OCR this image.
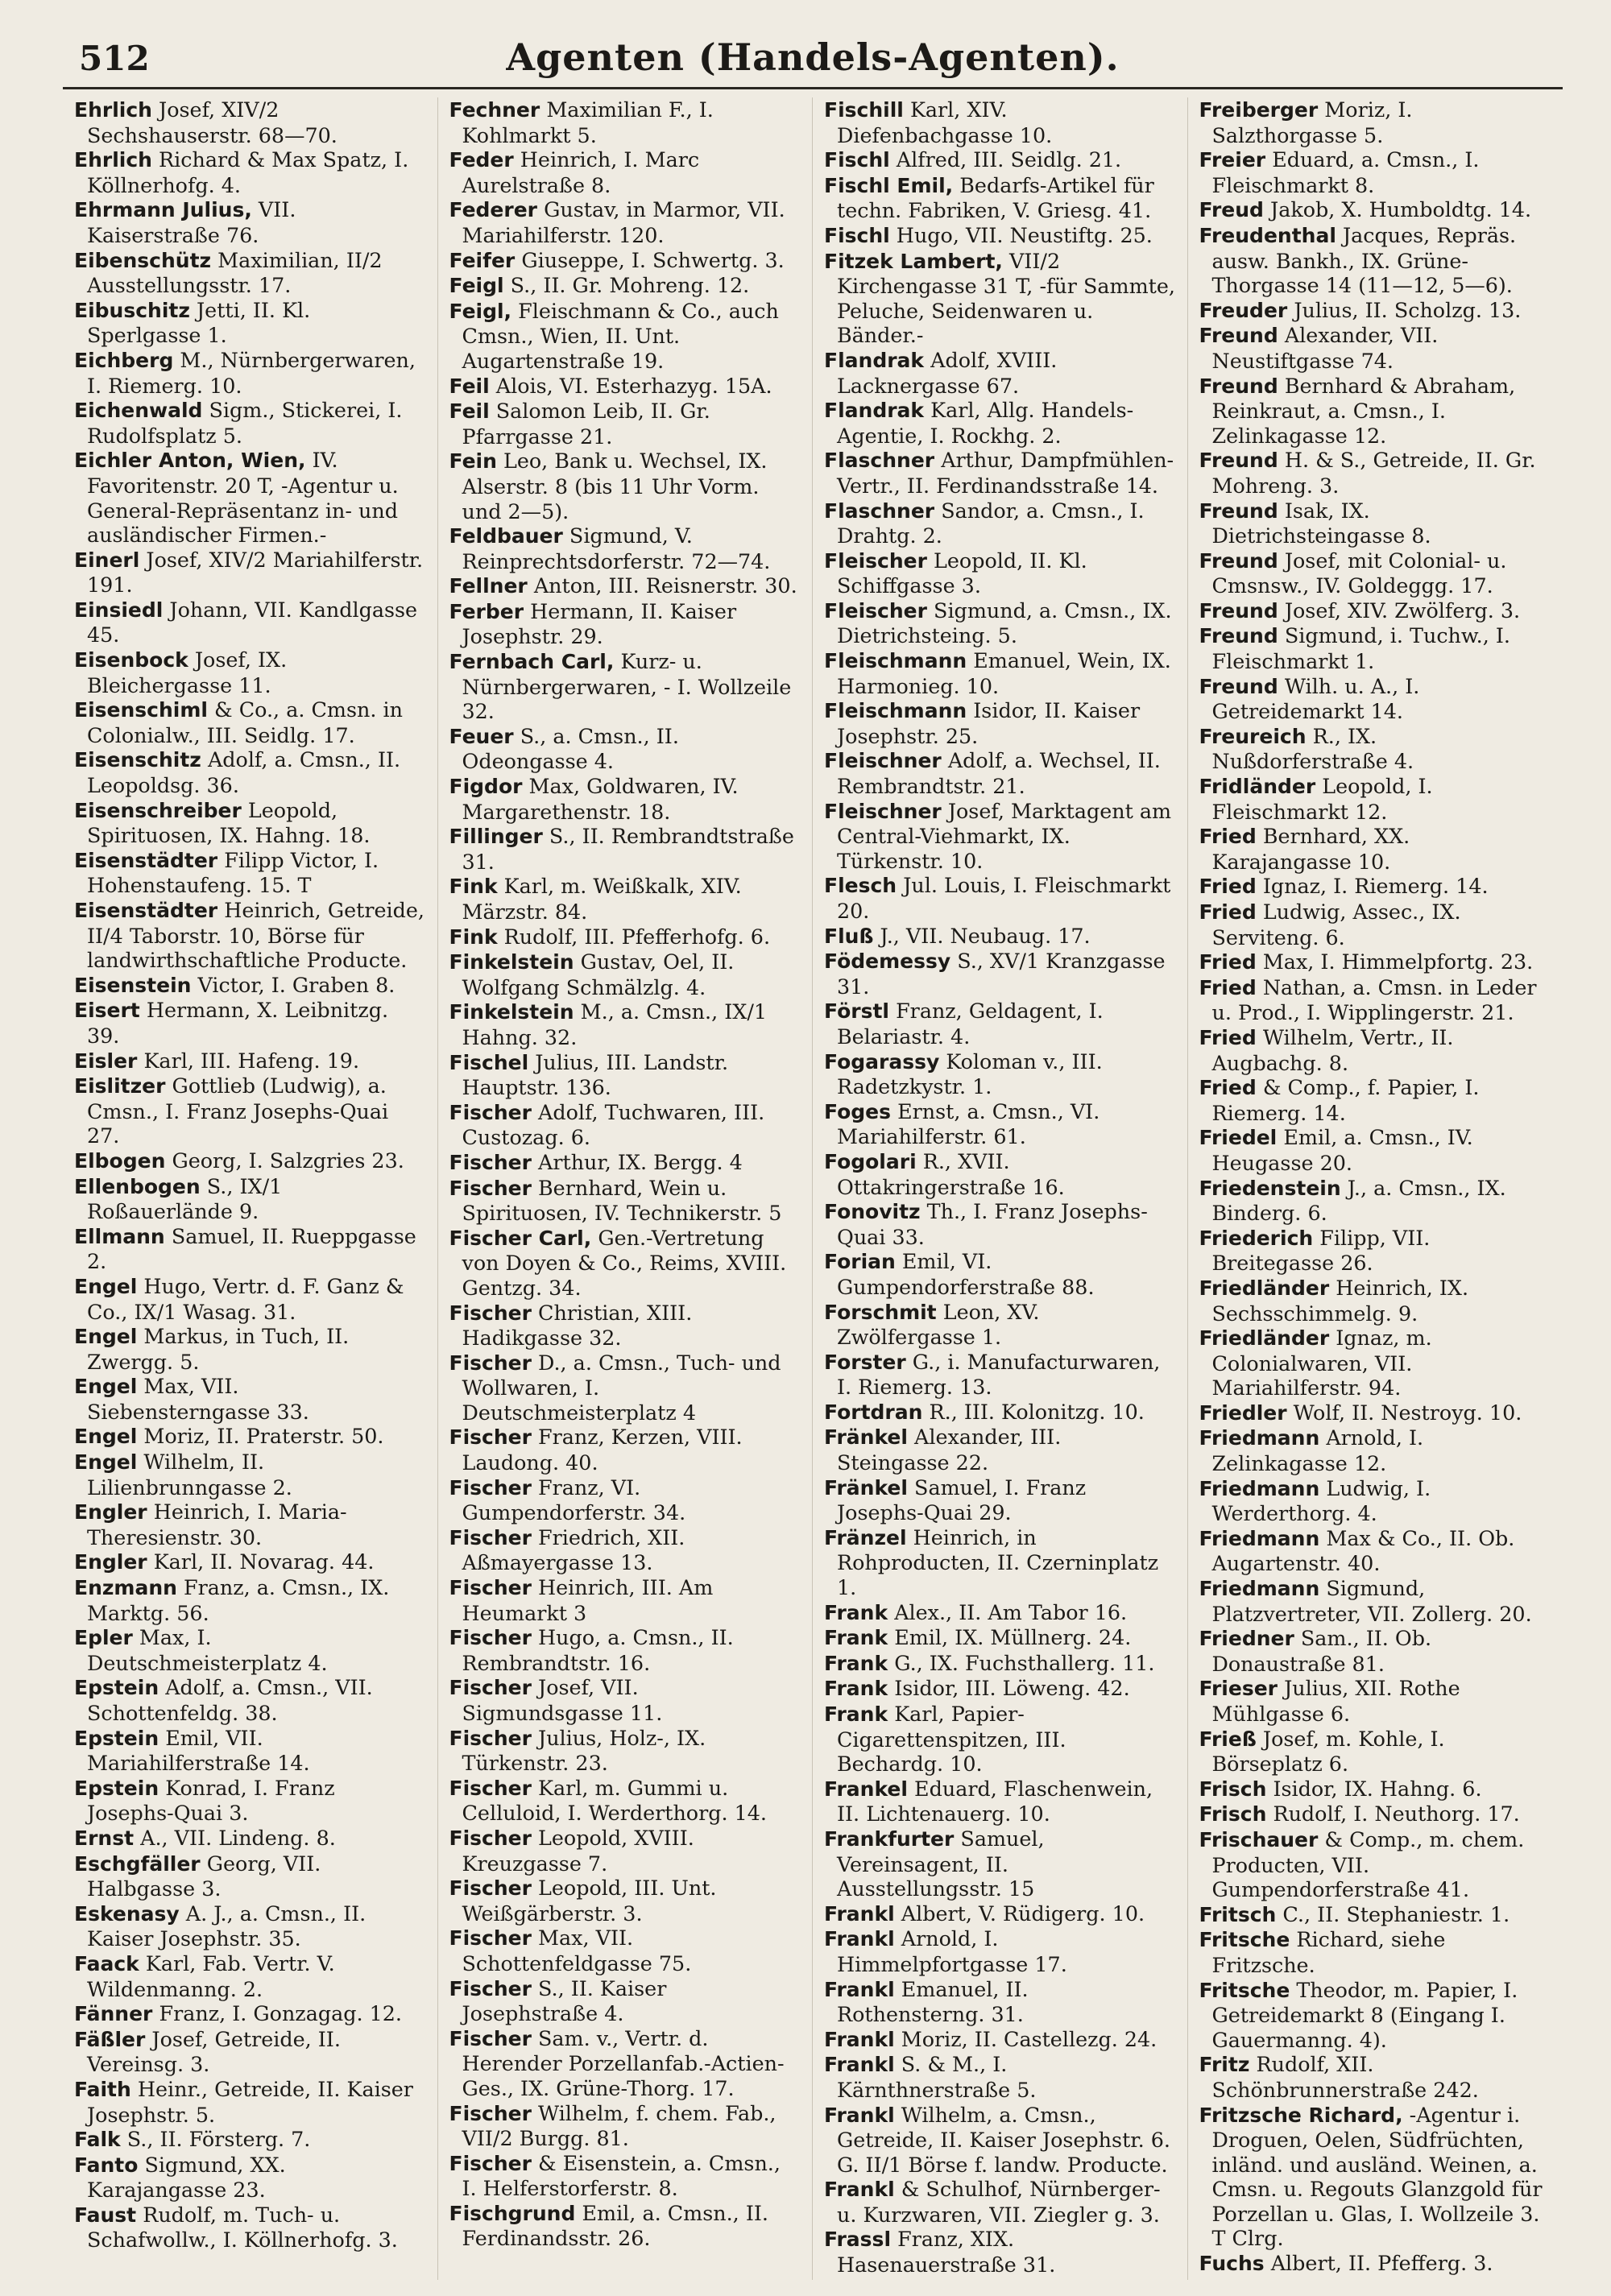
512	Agenten (Handels-Agenten).

Ehrlich Josef, XIV/2 Sechshauserstr. 68—70.

Ehrlich Richard & Max Spatz, I. Köllnerhofg. 4.

Ehrmann Julius, VII. Kaiserstraße 76.

Eibenschütz Maximilian, II/2 Ausstellungsstr. 17.

Eibuschitz Jetti, II. Kl. Sperlgasse 1.

Eichberg M., Nürnbergerwaren, I. Riemerg. 10.

Eichenwald Sigm., Stickerei, I. Rudolfsplatz 5.

Eichler Anton, Wien, IV. Favoritenstr. 20 T, -Agentur u. General-Repräsentanz in- und ausländischer Firmen.-

Einerl Josef, XIV/2 Mariahilferstr. 191.

Einsiedl Johann, VII. Kandlgasse 45.

Eisenbock Josef, IX. Bleichergasse 11.

Eisenschiml & Co., a. Cmsn. in Colonialw., III. Seidlg. 17.

Eisenschitz Adolf, a. Cmsn., II. Leopoldsg. 36.

Eisenschreiber Leopold, Spirituosen, IX. Hahng. 18.

Eisenstädter Filipp Victor, I. Hohenstaufeng. 15. T

Eisenstädter Heinrich, Getreide, II/4 Taborstr. 10, Börse für landwirthschaftliche Producte.

Eisenstein Victor, I. Graben 8.

Eisert Hermann, X. Leibnitzg. 39.

Eisler Karl, III. Hafeng. 19.

Eislitzer Gottlieb (Ludwig), a. Cmsn., I. Franz Josephs-Quai 27.

Elbogen Georg, I. Salzgries 23.

Ellenbogen S., IX/1 Roßauerlände 9.

Ellmann Samuel, II. Rueppgasse 2.

Engel Hugo, Vertr. d. F. Ganz & Co., IX/1 Wasag. 31.

Engel Markus, in Tuch, II. Zwergg. 5.

Engel Max, VII. Siebensterngasse 33.

Engel Moriz, II. Praterstr. 50.

Engel Wilhelm, II. Lilienbrunngasse 2.

Engler Heinrich, I. Maria-Theresienstr. 30.

Engler Karl, II. Novarag. 44.

Enzmann Franz, a. Cmsn., IX. Marktg. 56.

Epler Max, I. Deutschmeisterplatz 4.

Epstein Adolf, a. Cmsn., VII. Schottenfeldg. 38.

Epstein Emil, VII. Mariahilferstraße 14.

Epstein Konrad, I. Franz Josephs-Quai 3.

Ernst A., VII. Lindeng. 8.

Eschgfäller Georg, VII. Halbgasse 3.

Eskenasy A. J., a. Cmsn., II. Kaiser Josephstr. 35.

Faack Karl, Fab. Vertr. V. Wildenmanng. 2.

Fänner Franz, I. Gonzagag. 12.

Fäßler Josef, Getreide, II. Vereinsg. 3.

Faith Heinr., Getreide, II. Kaiser Josephstr. 5.

Falk S., II. Försterg. 7.

Fanto Sigmund, XX. Karajangasse 23.

Faust Rudolf, m. Tuch- u. Schafwollw., I. Köllnerhofg. 3.

Fechner Maximilian F., I. Kohlmarkt 5.

Feder Heinrich, I. Marc Aurelstraße 8.

Federer Gustav, in Marmor, VII. Mariahilferstr. 120.

Feifer Giuseppe, I. Schwertg. 3.

Feigl S., II. Gr. Mohreng. 12.

Feigl, Fleischmann & Co., auch Cmsn., Wien, II. Unt. Augartenstraße 19.

Feil Alois, VI. Esterhazyg. 15A.

Feil Salomon Leib, II. Gr. Pfarrgasse 21.

Fein Leo, Bank u. Wechsel, IX. Alserstr. 8 (bis 11 Uhr Vorm. und 2—5).

Feldbauer Sigmund, V. Reinprechtsdorferstr. 72—74.

Fellner Anton, III. Reisnerstr. 30.

Ferber Hermann, II. Kaiser Josephstr. 29.

Fernbach Carl, Kurz- u. Nürnbergerwaren, - I. Wollzeile 32.

Feuer S., a. Cmsn., II. Odeongasse 4.

Figdor Max, Goldwaren, IV. Margarethenstr. 18.

Fillinger S., II. Rembrandtstraße 31.

Fink Karl, m. Weißkalk, XIV. Märzstr. 84.

Fink Rudolf, III. Pfefferhofg. 6.

Finkelstein Gustav, Oel, II. Wolfgang Schmälzlg. 4.

Finkelstein M., a. Cmsn., IX/1 Hahng. 32.

Fischel Julius, III. Landstr. Hauptstr. 136.

Fischer Adolf, Tuchwaren, III. Custozag. 6.

Fischer Arthur, IX. Bergg. 4

Fischer Bernhard, Wein u. Spirituosen, IV. Technikerstr. 5

Fischer Carl, Gen.-Vertretung von Doyen & Co., Reims, XVIII. Gentzg. 34.

Fischer Christian, XIII. Hadikgasse 32.

Fischer D., a. Cmsn., Tuch- und Wollwaren, I. Deutschmeisterplatz 4

Fischer Franz, Kerzen, VIII. Laudong. 40.

Fischer Franz, VI. Gumpendorferstr. 34.

Fischer Friedrich, XII. Aßmayergasse 13.

Fischer Heinrich, III. Am Heumarkt 3

Fischer Hugo, a. Cmsn., II. Rembrandtstr. 16.

Fischer Josef, VII. Sigmundsgasse 11.

Fischer Julius, Holz-, IX. Türkenstr. 23.

Fischer Karl, m. Gummi u. Celluloid, I. Werderthorg. 14.

Fischer Leopold, XVIII. Kreuzgasse 7.

Fischer Leopold, III. Unt. Weißgärberstr. 3.

Fischer Max, VII. Schottenfeldgasse 75.

Fischer S., II. Kaiser Josephstraße 4.

Fischer Sam. v., Vertr. d. Herender Porzellanfab.-Actien-Ges., IX. Grüne-Thorg. 17.

Fischer Wilhelm, f. chem. Fab., VII/2 Burgg. 81.

Fischer & Eisenstein, a. Cmsn., I. Helferstorferstr. 8.

Fischgrund Emil, a. Cmsn., II. Ferdinandsstr. 26.

Fischill Karl, XIV. Diefenbachgasse 10.

Fischl Alfred, III. Seidlg. 21.

Fischl Emil, Bedarfs-Artikel für techn. Fabriken, V. Griesg. 41.

Fischl Hugo, VII. Neustiftg. 25.

Fitzek Lambert, VII/2 Kirchengasse 31 T, -für Sammte, Peluche, Seidenwaren u. Bänder.-

Flandrak Adolf, XVIII. Lacknergasse 67.

Flandrak Karl, Allg. Handels-Agentie, I. Rockhg. 2.

Flaschner Arthur, Dampfmühlen-Vertr., II. Ferdinandsstraße 14.

Flaschner Sandor, a. Cmsn., I. Drahtg. 2.

Fleischer Leopold, II. Kl. Schiffgasse 3.

Fleischer Sigmund, a. Cmsn., IX. Dietrichsteing. 5.

Fleischmann Emanuel, Wein, IX. Harmonieg. 10.

Fleischmann Isidor, II. Kaiser Josephstr. 25.

Fleischner Adolf, a. Wechsel, II. Rembrandtstr. 21.

Fleischner Josef, Marktagent am Central-Viehmarkt, IX. Türkenstr. 10.

Flesch Jul. Louis, I. Fleischmarkt 20.

Fluß J., VII. Neubaug. 17.

Födemessy S., XV/1 Kranzgasse 31.

Förstl Franz, Geldagent, I. Belariastr. 4.

Fogarassy Koloman v., III. Radetzkystr. 1.

Foges Ernst, a. Cmsn., VI. Mariahilferstr. 61.

Fogolari R., XVII. Ottakringerstraße 16.

Fonovitz Th., I. Franz Josephs-Quai 33.

Forian Emil, VI. Gumpendorferstraße 88.

Forschmit Leon, XV. Zwölfergasse 1.

Forster G., i. Manufacturwaren, I. Riemerg. 13.

Fortdran R., III. Kolonitzg. 10.

Fränkel Alexander, III. Steingasse 22.

Fränkel Samuel, I. Franz Josephs-Quai 29.

Fränzel Heinrich, in Rohproducten, II. Czerninplatz 1.

Frank Alex., II. Am Tabor 16.

Frank Emil, IX. Müllnerg. 24.

Frank G., IX. Fuchsthallerg. 11.

Frank Isidor, III. Löweng. 42.

Frank Karl, Papier-Cigarettenspitzen, III. Bechardg. 10.

Frankel Eduard, Flaschenwein, II. Lichtenauerg. 10.

Frankfurter Samuel, Vereinsagent, II. Ausstellungsstr. 15

Frankl Albert, V. Rüdigerg. 10.

Frankl Arnold, I. Himmelpfortgasse 17.

Frankl Emanuel, II. Rothensterng. 31.

Frankl Moriz, II. Castellezg. 24.

Frankl S. & M., I. Kärnthnerstraße 5.

Frankl Wilhelm, a. Cmsn., Getreide, II. Kaiser Josephstr. 6. G. II/1 Börse f. landw. Producte.

Frankl & Schulhof, Nürnberger- u. Kurzwaren, VII. Ziegler g. 3.

Frassl Franz, XIX. Hasenauerstraße 31.

Freiberger Moriz, I. Salzthorgasse 5.

Freier Eduard, a. Cmsn., I. Fleischmarkt 8.

Freud Jakob, X. Humboldtg. 14.

Freudenthal Jacques, Repräs. ausw. Bankh., IX. Grüne-Thorgasse 14 (11—12, 5—6).

Freuder Julius, II. Scholzg. 13.

Freund Alexander, VII. Neustiftgasse 74.

Freund Bernhard & Abraham, Reinkraut, a. Cmsn., I. Zelinkagasse 12.

Freund H. & S., Getreide, II. Gr. Mohreng. 3.

Freund Isak, IX. Dietrichsteingasse 8.

Freund Josef, mit Colonial- u. Cmsnsw., IV. Goldeggg. 17.

Freund Josef, XIV. Zwölferg. 3.

Freund Sigmund, i. Tuchw., I. Fleischmarkt 1.

Freund Wilh. u. A., I. Getreidemarkt 14.

Freureich R., IX. Nußdorferstraße 4.

Fridländer Leopold, I. Fleischmarkt 12.

Fried Bernhard, XX. Karajangasse 10.

Fried Ignaz, I. Riemerg. 14.

Fried Ludwig, Assec., IX. Serviteng. 6.

Fried Max, I. Himmelpfortg. 23.

Fried Nathan, a. Cmsn. in Leder u. Prod., I. Wipplingerstr. 21.

Fried Wilhelm, Vertr., II. Augbachg. 8.

Fried & Comp., f. Papier, I. Riemerg. 14.

Friedel Emil, a. Cmsn., IV. Heugasse 20.

Friedenstein J., a. Cmsn., IX. Binderg. 6.

Friederich Filipp, VII. Breitegasse 26.

Friedländer Heinrich, IX. Sechsschimmelg. 9.

Friedländer Ignaz, m. Colonialwaren, VII. Mariahilferstr. 94.

Friedler Wolf, II. Nestroyg. 10.

Friedmann Arnold, I. Zelinkagasse 12.

Friedmann Ludwig, I. Werderthorg. 4.

Friedmann Max & Co., II. Ob. Augartenstr. 40.

Friedmann Sigmund, Platzvertreter, VII. Zollerg. 20.

Friedner Sam., II. Ob. Donaustraße 81.

Frieser Julius, XII. Rothe Mühlgasse 6.

Frieß Josef, m. Kohle, I. Börseplatz 6.

Frisch Isidor, IX. Hahng. 6.

Frisch Rudolf, I. Neuthorg. 17.

Frischauer & Comp., m. chem. Producten, VII. Gumpendorferstraße 41.

Fritsch C., II. Stephaniestr. 1.

Fritsche Richard, siehe Fritzsche.

Fritsche Theodor, m. Papier, I. Getreidemarkt 8 (Eingang I. Gauermanng. 4).

Fritz Rudolf, XII. Schönbrunnerstraße 242.

Fritzsche Richard, -Agentur i. Droguen, Oelen, Südfrüchten, inländ. und ausländ. Weinen, a. Cmsn. u. Regouts Glanzgold für Porzellan u. Glas, I. Wollzeile 3. T Clrg.

Fuchs Albert, II. Pfefferg. 3.
